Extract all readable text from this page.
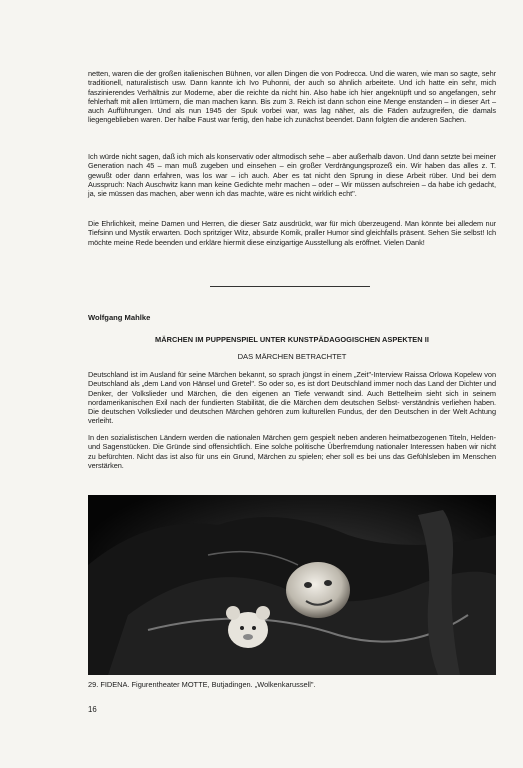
netten, waren die der großen italienischen Bühnen, vor allen Dingen die von Podrecca. Und die waren, wie man so sagte, sehr traditionell, naturalistisch usw. Dann kannte ich Ivo Puhonni, der auch so ähnlich arbeitete. Und ich hatte ein sehr, mich faszinierendes Verhältnis zur Moderne, aber die reichte da nicht hin. Also habe ich hier angeknüpft und so angefangen, sehr fehlerhaft mit allen Irrtümern, die man machen kann. Bis zum 3. Reich ist dann schon eine Menge enstanden – in dieser Art – auch Aufführungen. Und als nun 1945 der Spuk vorbei war, was lag näher, als die Fäden aufzugreifen, die damals liegengeblieben waren. Der halbe Faust war fertig, den habe ich zunächst beendet. Dann folgten die anderen Sachen.

Ich würde nicht sagen, daß ich mich als konservativ oder altmodisch sehe – aber außerhalb davon. Und dann setzte bei meiner Generation nach 45 – man muß zugeben und einsehen – ein großer Verdrängungsprozeß ein. Wir haben das alles z. T. gewußt oder dann erfahren, was los war – ich auch. Aber es tat nicht den Sprung in diese Arbeit rüber. Und bei dem Ausspruch: Nach Auschwitz kann man keine Gedichte mehr machen – oder – Wir müssen aufschreien – da habe ich gedacht, ja, sie müssen das machen, aber wenn ich das machte, wäre es nicht wirklich echt".

Die Ehrlichkeit, meine Damen und Herren, die dieser Satz ausdrückt, war für mich überzeugend. Man könnte bei alledem nur Tiefsinn und Mystik erwarten. Doch spritziger Witz, absurde Komik, praller Humor sind gleichfalls präsent. Sehen Sie selbst! Ich möchte meine Rede beenden und erkläre hiermit diese einzigartige Ausstellung als eröffnet. Vielen Dank!

Wolfgang Mahlke
MÄRCHEN IM PUPPENSPIEL UNTER KUNSTPÄDAGOGISCHEN ASPEKTEN II
DAS MÄRCHEN BETRACHTET

Deutschland ist im Ausland für seine Märchen bekannt, so sprach jüngst in einem „Zeit"-Interview Raissa Orlowa Kopelew von Deutschland als „dem Land von Hänsel und Gretel". So oder so, es ist dort Deutschland immer noch das Land der Dichter und Denker, der Volkslieder und Märchen, die den eigenen an Tiefe verwandt sind. Auch Bettelheim sieht sich in seinem nordamerikanischen Exil nach der fundierten Stabilität, die die Märchen dem deutschen Selbst- verständnis verliehen haben. Die deutschen Volkslieder und deutschen Märchen gehören zum kulturellen Fundus, der den Deutschen in der Welt Achtung verleiht.

In den sozialistischen Ländern werden die nationalen Märchen gern gespielt neben anderen heimatbezogenen Titeln, Helden- und Sagenstücken. Die Gründe sind offensichtlich. Eine solche politische Überfremdung nationaler Interessen haben wir nicht zu befürchten. Nicht das ist also für uns ein Grund, Märchen zu spielen; eher soll es bei uns das Gefühlsleben im Menschen verstärken.

29. FIDENA. Figurentheater MOTTE, Butjadingen. „Wolkenkarussell".
16
